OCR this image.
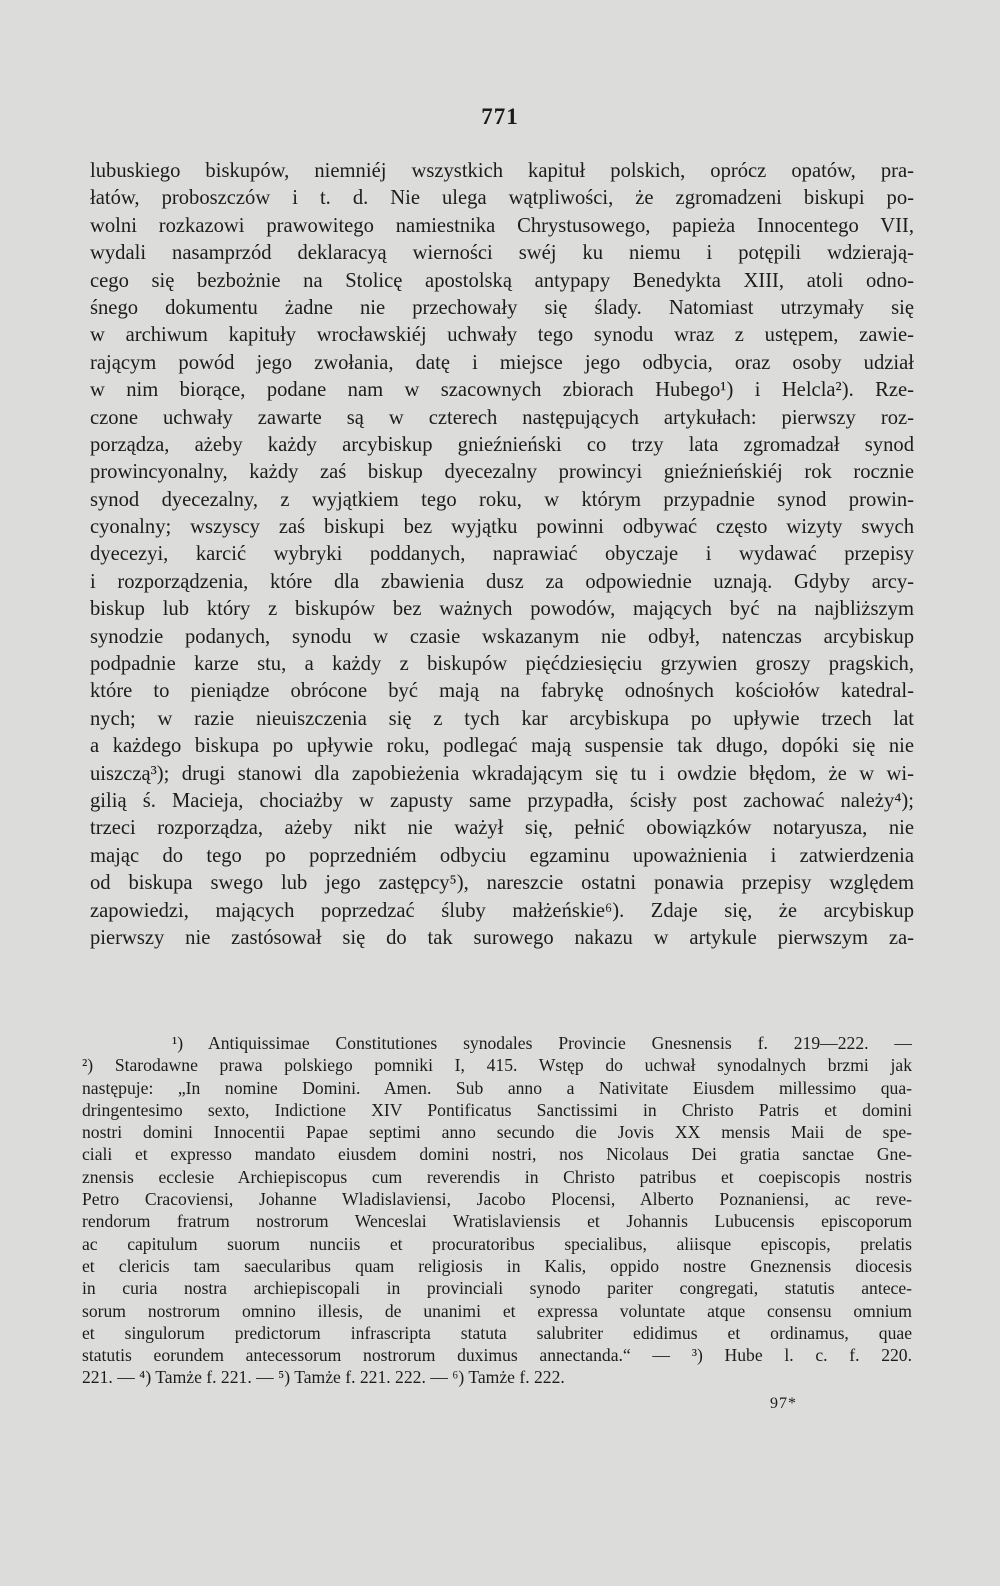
771
lubuskiego biskupów, niemniéj wszystkich kapituł polskich, oprócz opatów, pra-
łatów, proboszczów i t. d. Nie ulega wątpliwości, że zgromadzeni biskupi po-
wolni rozkazowi prawowitego namiestnika Chrystusowego, papieża Innocentego VII,
wydali nasamprzód deklaracyą wierności swéj ku niemu i potępili wdzierają-
cego się bezbożnie na Stolicę apostolską antypapy Benedykta XIII, atoli odno-
śnego dokumentu żadne nie przechowały się ślady. Natomiast utrzymały się
w archiwum kapituły wrocławskiéj uchwały tego synodu wraz z ustępem, zawie-
rającym powód jego zwołania, datę i miejsce jego odbycia, oraz osoby udział
w nim biorące, podane nam w szacownych zbiorach Hubego¹) i Helcla²). Rze-
czone uchwały zawarte są w czterech następujących artykułach: pierwszy roz-
porządza, ażeby każdy arcybiskup gnieźnieński co trzy lata zgromadzał synod
prowincyonalny, każdy zaś biskup dyecezalny prowincyi gnieźnieńskiéj rok rocznie
synod dyecezalny, z wyjątkiem tego roku, w którym przypadnie synod prowin-
cyonalny; wszyscy zaś biskupi bez wyjątku powinni odbywać często wizyty swych
dyecezyi, karcić wybryki poddanych, naprawiać obyczaje i wydawać przepisy
i rozporządzenia, które dla zbawienia dusz za odpowiednie uznają. Gdyby arcy-
biskup lub który z biskupów bez ważnych powodów, mających być na najbliższym
synodzie podanych, synodu w czasie wskazanym nie odbył, natenczas arcybiskup
podpadnie karze stu, a każdy z biskupów pięćdziesięciu grzywien groszy pragskich,
które to pieniądze obrócone być mają na fabrykę odnośnych kościołów katedral-
nych; w razie nieuiszczenia się z tych kar arcybiskupa po upływie trzech lat
a każdego biskupa po upływie roku, podlegać mają suspensie tak długo, dopóki się nie
uiszczą³); drugi stanowi dla zapobieżenia wkradającym się tu i owdzie błędom, że w wi-
gilią ś. Macieja, chociażby w zapusty same przypadła, ścisły post zachować należy⁴);
trzeci rozporządza, ażeby nikt nie ważył się, pełnić obowiązków notaryusza, nie
mając do tego po poprzedniém odbyciu egzaminu upoważnienia i zatwierdzenia
od biskupa swego lub jego zastępcy⁵), nareszcie ostatni ponawia przepisy względem
zapowiedzi, mających poprzedzać śluby małżeńskie⁶). Zdaje się, że arcybiskup
pierwszy nie zastósował się do tak surowego nakazu w artykule pierwszym za-
¹) Antiquissimae Constitutiones synodales Provincie Gnesnensis f. 219—222. —
²) Starodawne prawa polskiego pomniki I, 415. Wstęp do uchwał synodalnych brzmi jak
następuje: „In nomine Domini. Amen. Sub anno a Nativitate Eiusdem millessimo qua-
dringentesimo sexto, Indictione XIV Pontificatus Sanctissimi in Christo Patris et domini
nostri domini Innocentii Papae septimi anno secundo die Jovis XX mensis Maii de spe-
ciali et expresso mandato eiusdem domini nostri, nos Nicolaus Dei gratia sanctae Gne-
znensis ecclesie Archiepiscopus cum reverendis in Christo patribus et coepiscopis nostris
Petro Cracoviensi, Johanne Wladislaviensi, Jacobo Plocensi, Alberto Poznaniensi, ac reve-
rendorum fratrum nostrorum Wenceslai Wratislaviensis et Johannis Lubucensis episcoporum
ac capitulum suorum nunciis et procuratoribus specialibus, aliisque episcopis, prelatis
et clericis tam saecularibus quam religiosis in Kalis, oppido nostre Gneznensis diocesis
in curia nostra archiepiscopali in provinciali synodo pariter congregati, statutis antece-
sorum nostrorum omnino illesis, de unanimi et expressa voluntate atque consensu omnium
et singulorum predictorum infrascripta statuta salubriter edidimus et ordinamus, quae
statutis eorundem antecessorum nostrorum duximus annectanda.“ — ³) Hube l. c. f. 220.
221. — ⁴) Tamże f. 221. — ⁵) Tamże f. 221. 222. — ⁶) Tamże f. 222.
97*
